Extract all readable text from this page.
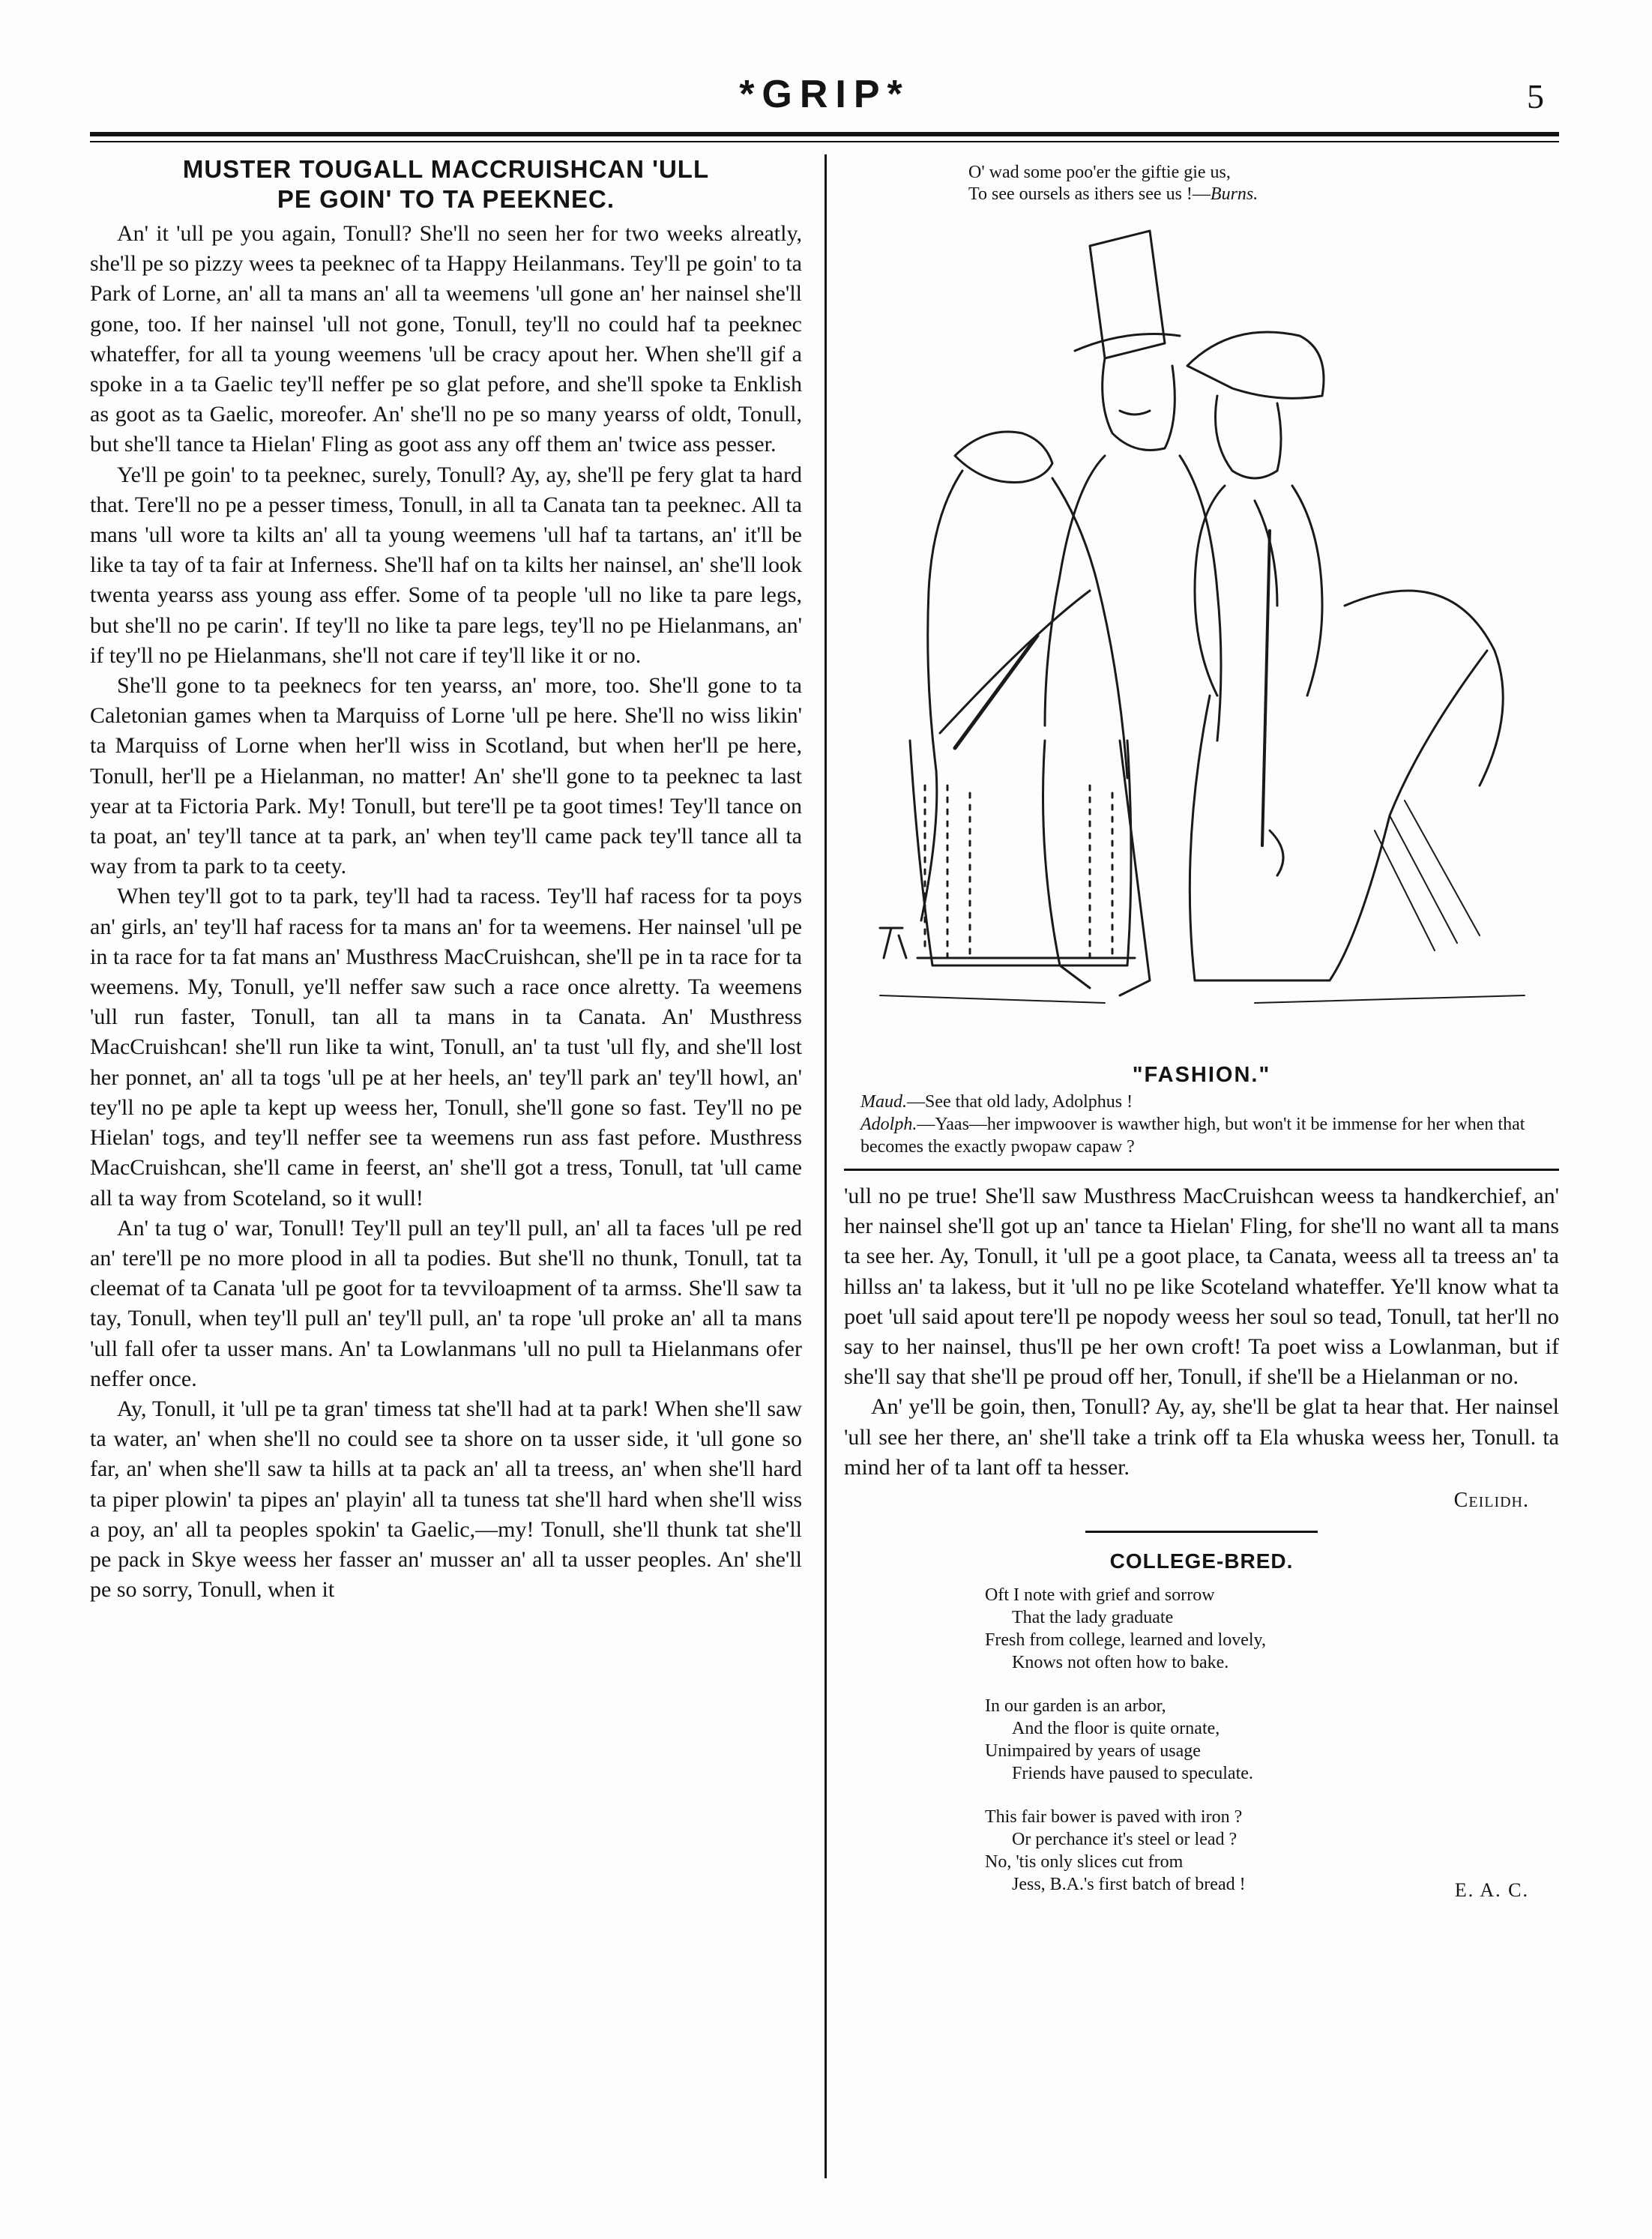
*GRIP*	5
MUSTER TOUGALL MACCRUISHCAN 'ULL
PE GOIN' TO TA PEEKNEC.

An' it 'ull pe you again, Tonull? She'll no seen her for two weeks alreatly, she'll pe so pizzy wees ta peeknec of ta Happy Heilanmans. Tey'll pe goin' to ta Park of Lorne, an' all ta mans an' all ta weemens 'ull gone an' her nainsel she'll gone, too. If her nainsel 'ull not gone, Tonull, tey'll no could haf ta peeknec whateffer, for all ta young weemens 'ull be cracy apout her. When she'll gif a spoke in a ta Gaelic tey'll neffer pe so glat pefore, and she'll spoke ta Enklish as goot as ta Gaelic, moreofer. An' she'll no pe so many yearss of oldt, Tonull, but she'll tance ta Hielan' Fling as goot ass any off them an' twice ass pesser.

Ye'll pe goin' to ta peeknec, surely, Tonull? Ay, ay, she'll pe fery glat ta hard that. Tere'll no pe a pesser timess, Tonull, in all ta Canata tan ta peeknec. All ta mans 'ull wore ta kilts an' all ta young weemens 'ull haf ta tartans, an' it'll be like ta tay of ta fair at Inferness. She'll haf on ta kilts her nainsel, an' she'll look twenta yearss ass young ass effer. Some of ta people 'ull no like ta pare legs, but she'll no pe carin'. If tey'll no like ta pare legs, tey'll no pe Hielanmans, an' if tey'll no pe Hielanmans, she'll not care if tey'll like it or no.

She'll gone to ta peeknecs for ten yearss, an' more, too. She'll gone to ta Caletonian games when ta Marquiss of Lorne 'ull pe here. She'll no wiss likin' ta Marquiss of Lorne when her'll wiss in Scotland, but when her'll pe here, Tonull, her'll pe a Hielanman, no matter! An' she'll gone to ta peeknec ta last year at ta Fictoria Park. My! Tonull, but tere'll pe ta goot times! Tey'll tance on ta poat, an' tey'll tance at ta park, an' when tey'll came pack tey'll tance all ta way from ta park to ta ceety.

When tey'll got to ta park, tey'll had ta racess. Tey'll haf racess for ta poys an' girls, an' tey'll haf racess for ta mans an' for ta weemens. Her nainsel 'ull pe in ta race for ta fat mans an' Musthress MacCruishcan, she'll pe in ta race for ta weemens. My, Tonull, ye'll neffer saw such a race once alretty. Ta weemens 'ull run faster, Tonull, tan all ta mans in ta Canata. An' Musthress MacCruishcan! she'll run like ta wint, Tonull, an' ta tust 'ull fly, and she'll lost her ponnet, an' all ta togs 'ull pe at her heels, an' tey'll park an' tey'll howl, an' tey'll no pe aple ta kept up weess her, Tonull, she'll gone so fast. Tey'll no pe Hielan' togs, and tey'll neffer see ta weemens run ass fast pefore. Musthress MacCruishcan, she'll came in feerst, an' she'll got a tress, Tonull, tat 'ull came all ta way from Scoteland, so it wull!

An' ta tug o' war, Tonull! Tey'll pull an tey'll pull, an' all ta faces 'ull pe red an' tere'll pe no more plood in all ta podies. But she'll no thunk, Tonull, tat ta cleemat of ta Canata 'ull pe goot for ta tevviloapment of ta armss. She'll saw ta tay, Tonull, when tey'll pull an' tey'll pull, an' ta rope 'ull proke an' all ta mans 'ull fall ofer ta usser mans. An' ta Lowlanmans 'ull no pull ta Hielanmans ofer neffer once.

Ay, Tonull, it 'ull pe ta gran' timess tat she'll had at ta park! When she'll saw ta water, an' when she'll no could see ta shore on ta usser side, it 'ull gone so far, an' when she'll saw ta hills at ta pack an' all ta treess, an' when she'll hard ta piper plowin' ta pipes an' playin' all ta tuness tat she'll hard when she'll wiss a poy, an' all ta peoples spokin' ta Gaelic,—my! Tonull, she'll thunk tat she'll pe pack in Skye weess her fasser an' musser an' all ta usser peoples. An' she'll pe so sorry, Tonull, when it

O' wad some poo'er the giftie gie us,
To see oursels as ithers see us !—Burns.
"FASHION."

Maud.—See that old lady, Adolphus !

Adolph.—Yaas—her impwoover is wawther high, but won't it be immense for her when that becomes the exactly pwopaw capaw ?

'ull no pe true! She'll saw Musthress MacCruishcan weess ta handkerchief, an' her nainsel she'll got up an' tance ta Hielan' Fling, for she'll no want all ta mans ta see her. Ay, Tonull, it 'ull pe a goot place, ta Canata, weess all ta treess an' ta hillss an' ta lakess, but it 'ull no pe like Scoteland whateffer. Ye'll know what ta poet 'ull said apout tere'll pe nopody weess her soul so tead, Tonull, tat her'll no say to her nainsel, thus'll pe her own croft! Ta poet wiss a Lowlanman, but if she'll say that she'll pe proud off her, Tonull, if she'll be a Hielanman or no.

An' ye'll be goin, then, Tonull? Ay, ay, she'll be glat ta hear that. Her nainsel 'ull see her there, an' she'll take a trink off ta Ela whuska weess her, Tonull. ta mind her of ta lant off ta hesser.

Ceilidh.
COLLEGE-BRED.
Oft I note with grief and sorrow
That the lady graduate
Fresh from college, learned and lovely,
Knows not often how to bake.
In our garden is an arbor,
And the floor is quite ornate,
Unimpaired by years of usage
Friends have paused to speculate.
This fair bower is paved with iron ?
Or perchance it's steel or lead ?
No, 'tis only slices cut from
Jess, B.A.'s first batch of bread !	E. A. C.
